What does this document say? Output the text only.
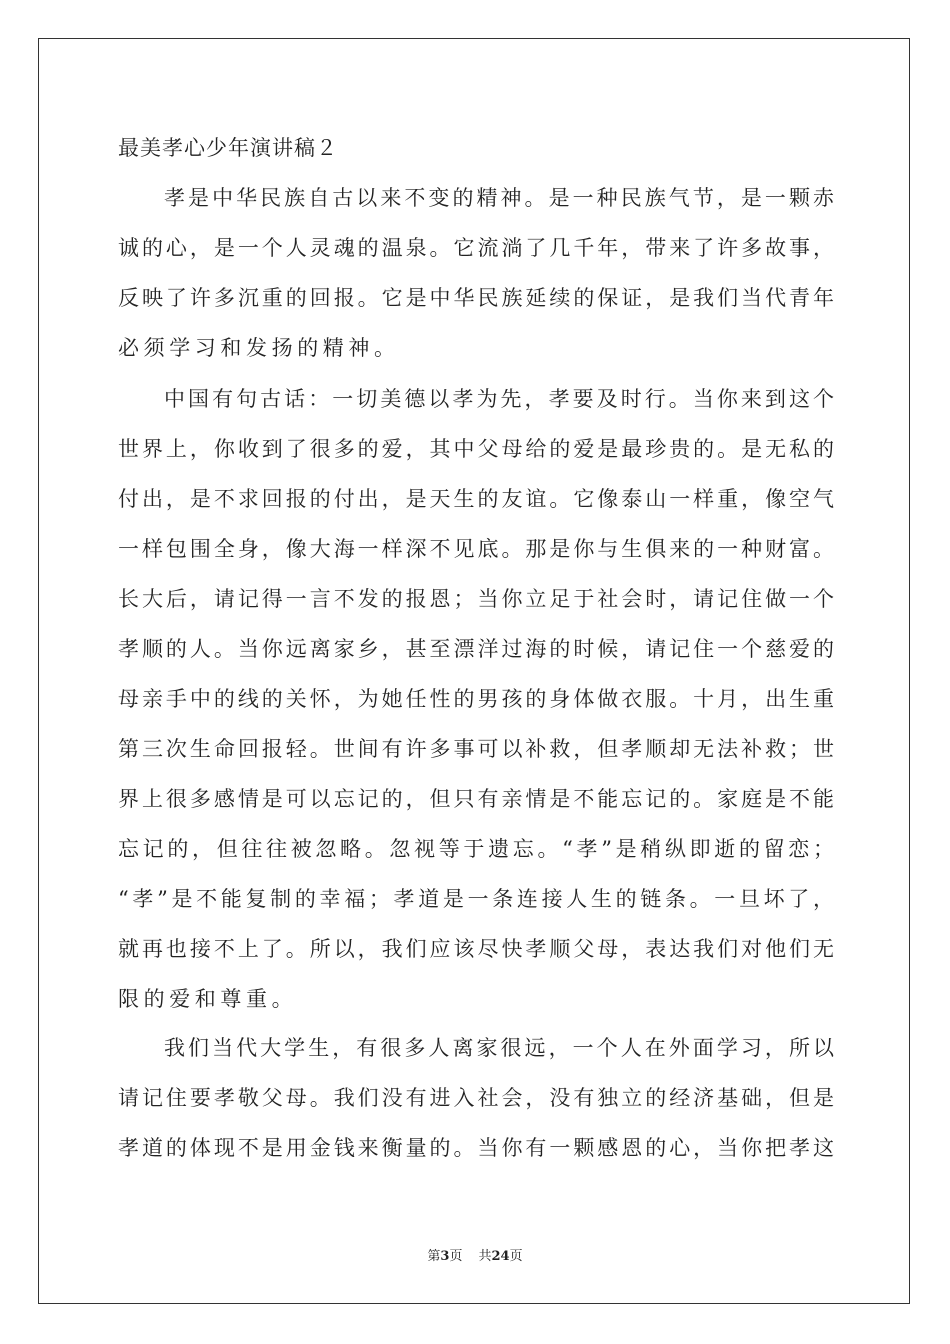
最美孝心少年演讲稿２
孝是中华民族自古以来不变的精神。是一种民族气节，是一颗赤
诚的心，是一个人灵魂的温泉。它流淌了几千年，带来了许多故事，
反映了许多沉重的回报。它是中华民族延续的保证，是我们当代青年
必须学习和发扬的精神。
中国有句古话：一切美德以孝为先，孝要及时行。当你来到这个
世界上，你收到了很多的爱，其中父母给的爱是最珍贵的。是无私的
付出，是不求回报的付出，是天生的友谊。它像泰山一样重，像空气
一样包围全身，像大海一样深不见底。那是你与生俱来的一种财富。
长大后，请记得一言不发的报恩；当你立足于社会时，请记住做一个
孝顺的人。当你远离家乡，甚至漂洋过海的时候，请记住一个慈爱的
母亲手中的线的关怀，为她任性的男孩的身体做衣服。十月，出生重
第三次生命回报轻。世间有许多事可以补救，但孝顺却无法补救；世
界上很多感情是可以忘记的，但只有亲情是不能忘记的。家庭是不能
忘记的，但往往被忽略。忽视等于遗忘。“孝”是稍纵即逝的留恋；
“孝”是不能复制的幸福；孝道是一条连接人生的链条。一旦坏了，
就再也接不上了。所以，我们应该尽快孝顺父母，表达我们对他们无
限的爱和尊重。
我们当代大学生，有很多人离家很远，一个人在外面学习，所以
请记住要孝敬父母。我们没有进入社会，没有独立的经济基础，但是
孝道的体现不是用金钱来衡量的。当你有一颗感恩的心，当你把孝这
第3页 共24页
